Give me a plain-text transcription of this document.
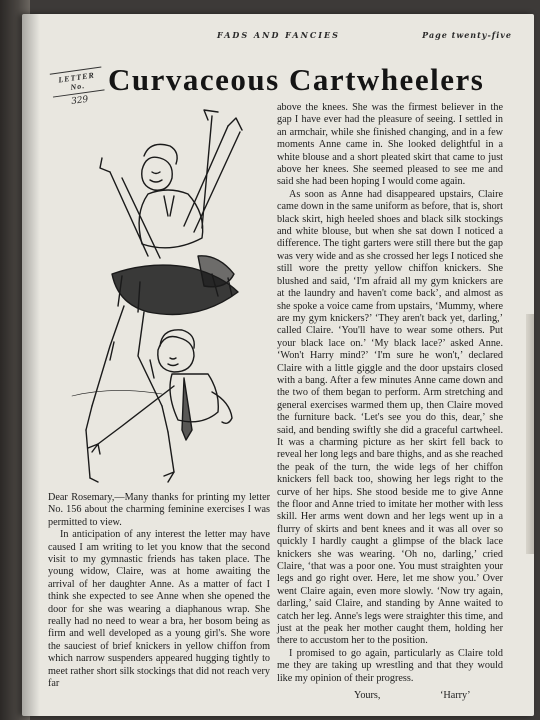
FADS AND FANCIES	Page twenty-five
LETTER No.
329
Curvaceous Cartwheelers

Dear Rosemary,—Many thanks for printing my letter No. 156 about the charming feminine exercises I was permitted to view.

In anticipation of any interest the letter may have caused I am writing to let you know that the second visit to my gymnastic friends has taken place. The young widow, Claire, was at home awaiting the arrival of her daughter Anne. As a matter of fact I think she expected to see Anne when she opened the door for she was wearing a diaphanous wrap. She really had no need to wear a bra, her bosom being as firm and well developed as a young girl's. She wore the sauciest of brief knickers in yellow chiffon from which narrow suspenders appeared hugging tightly to meet rather short silk stockings that did not reach very far

above the knees. She was the firmest believer in the gap I have ever had the pleasure of seeing. I settled in an armchair, while she finished changing, and in a few moments Anne came in. She looked delightful in a white blouse and a short pleated skirt that came to just above her knees. She seemed pleased to see me and said she had been hoping I would come again.

As soon as Anne had disappeared upstairs, Claire came down in the same uniform as before, that is, short black skirt, high heeled shoes and black silk stockings and white blouse, but when she sat down I noticed a difference. The tight garters were still there but the gap was very wide and as she crossed her legs I noticed she still wore the pretty yellow chiffon knickers. She blushed and said, ‘I'm afraid all my gym knickers are at the laundry and haven't come back’, and almost as she spoke a voice came from upstairs, ‘Mummy, where are my gym knickers?’ ‘They aren't back yet, darling,’ called Claire. ‘You'll have to wear some others. Put your black lace on.’ ‘My black lace?’ asked Anne. ‘Won't Harry mind?’ ‘I'm sure he won't,’ declared Claire with a little giggle and the door upstairs closed with a bang. After a few minutes Anne came down and the two of them began to perform. Arm stretching and general exercises warmed them up, then Claire moved the furniture back. ‘Let's see you do this, dear,’ she said, and bending swiftly she did a graceful cartwheel. It was a charming picture as her skirt fell back to reveal her long legs and bare thighs, and as she reached the peak of the turn, the wide legs of her chiffon knickers fell back too, showing her legs right to the curve of her hips. She stood beside me to give Anne the floor and Anne tried to imitate her mother with less skill. Her arms went down and her legs went up in a flurry of skirts and bent knees and it was all over so quickly I hardly caught a glimpse of the black lace knickers she was wearing. ‘Oh no, darling,’ cried Claire, ‘that was a poor one. You must straighten your legs and go right over. Here, let me show you.’ Over went Claire again, even more slowly. ‘Now try again, darling,’ said Claire, and standing by Anne waited to catch her leg. Anne's legs were straighter this time, and just at the peak her mother caught them, holding her there to accustom her to the position.

I promised to go again, particularly as Claire told me they are taking up wrestling and that they would like my opinion of their progress.

Yours,	‘Harry’
